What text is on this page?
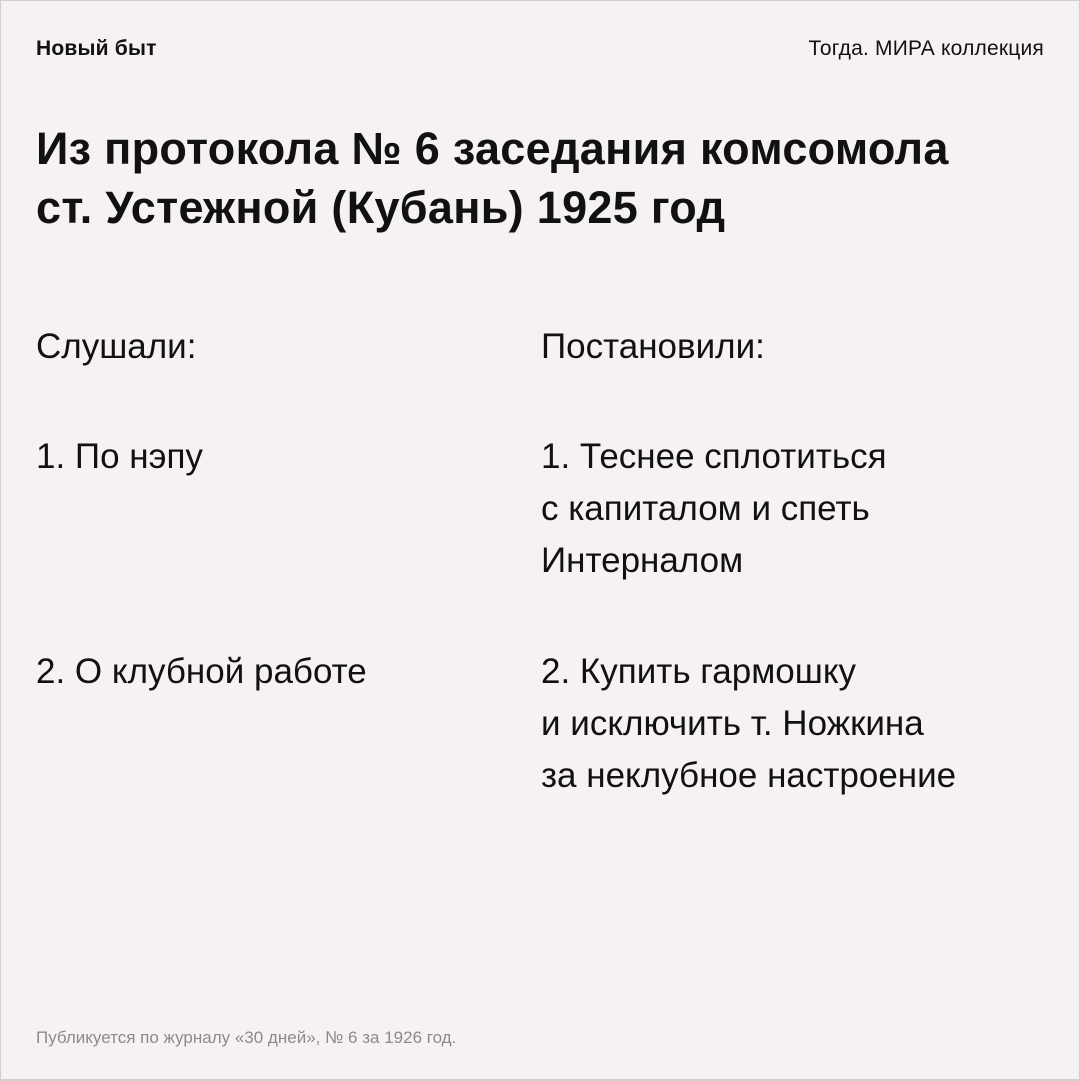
Новый быт	Тогда. МИРА коллекция
Из протокола № 6 заседания комсомола
ст. Устежной (Кубань) 1925 год
Слушали:
1. По нэпу
2. О клубной работе
Постановили:
1. Теснее сплотиться
с капиталом и спеть
Интерналом
2. Купить гармошку
и исключить т. Ножкина
за неклубное настроение
Публикуется по журналу «30 дней», № 6 за 1926 год.
